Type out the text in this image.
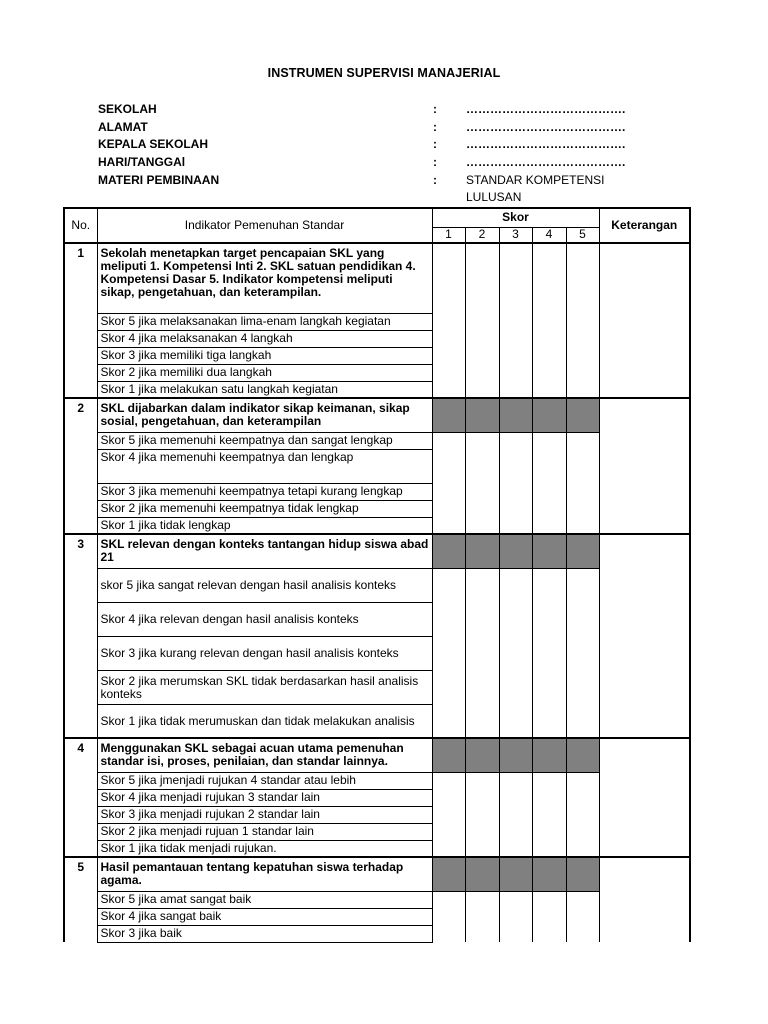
INSTRUMEN SUPERVISI MANAJERIAL
SEKOLAH	: ………………………………….
ALAMAT	: ………………………………….
KEPALA SEKOLAH	: ………………………………….
HARI/TANGGAl	: ………………………………….
MATERI PEMBINAAN	: STANDAR KOMPETENSI LULUSAN
No.	Indikator Pemenuhan Standar	Skor					Keterangan
		1	2	3	4	5	
1	Sekolah menetapkan target pencapaian SKL yang meliputi 1. Kompetensi Inti 2. SKL satuan pendidikan 4. Kompetensi Dasar 5. Indikator kompetensi meliputi sikap, pengetahuan, dan keterampilan.						
	Skor 5 jika melaksanakan lima-enam langkah kegiatan						
	Skor 4 jika melaksanakan 4 langkah						
	Skor 3 jika memiliki tiga langkah						
	Skor 2 jika memiliki dua langkah						
	Skor 1 jika melakukan satu langkah kegiatan						
2	SKL dijabarkan dalam indikator sikap keimanan, sikap sosial, pengetahuan, dan keterampilan						
	Skor 5 jika memenuhi keempatnya dan sangat lengkap						
	Skor 4 jika memenuhi keempatnya dan lengkap						
	Skor 3 jika memenuhi keempatnya tetapi kurang lengkap						
	Skor 2 jika memenuhi keempatnya tidak lengkap						
	Skor 1 jika tidak lengkap						
3	SKL relevan dengan konteks tantangan hidup siswa abad 21						
	skor 5 jika sangat relevan dengan hasil analisis konteks						
	Skor 4 jika relevan dengan hasil analisis konteks						
	Skor 3 jika kurang relevan dengan hasil analisis konteks						
	Skor 2 jika merumskan SKL tidak berdasarkan hasil analisis konteks						
	Skor 1 jika tidak merumuskan dan tidak melakukan analisis						
4	Menggunakan SKL sebagai acuan utama pemenuhan standar isi, proses, penilaian, dan standar lainnya.						
	Skor 5 jika jmenjadi rujukan 4 standar atau lebih						
	Skor 4 jika menjadi rujukan 3 standar lain						
	Skor 3 jika menjadi rujukan 2 standar lain						
	Skor 2 jika menjadi rujuan 1 standar lain						
	Skor 1 jika tidak menjadi rujukan.						
5	Hasil pemantauan tentang kepatuhan siswa terhadap agama.						
	Skor 5 jika amat sangat baik						
	Skor 4 jika sangat baik						
	Skor 3 jika baik						
